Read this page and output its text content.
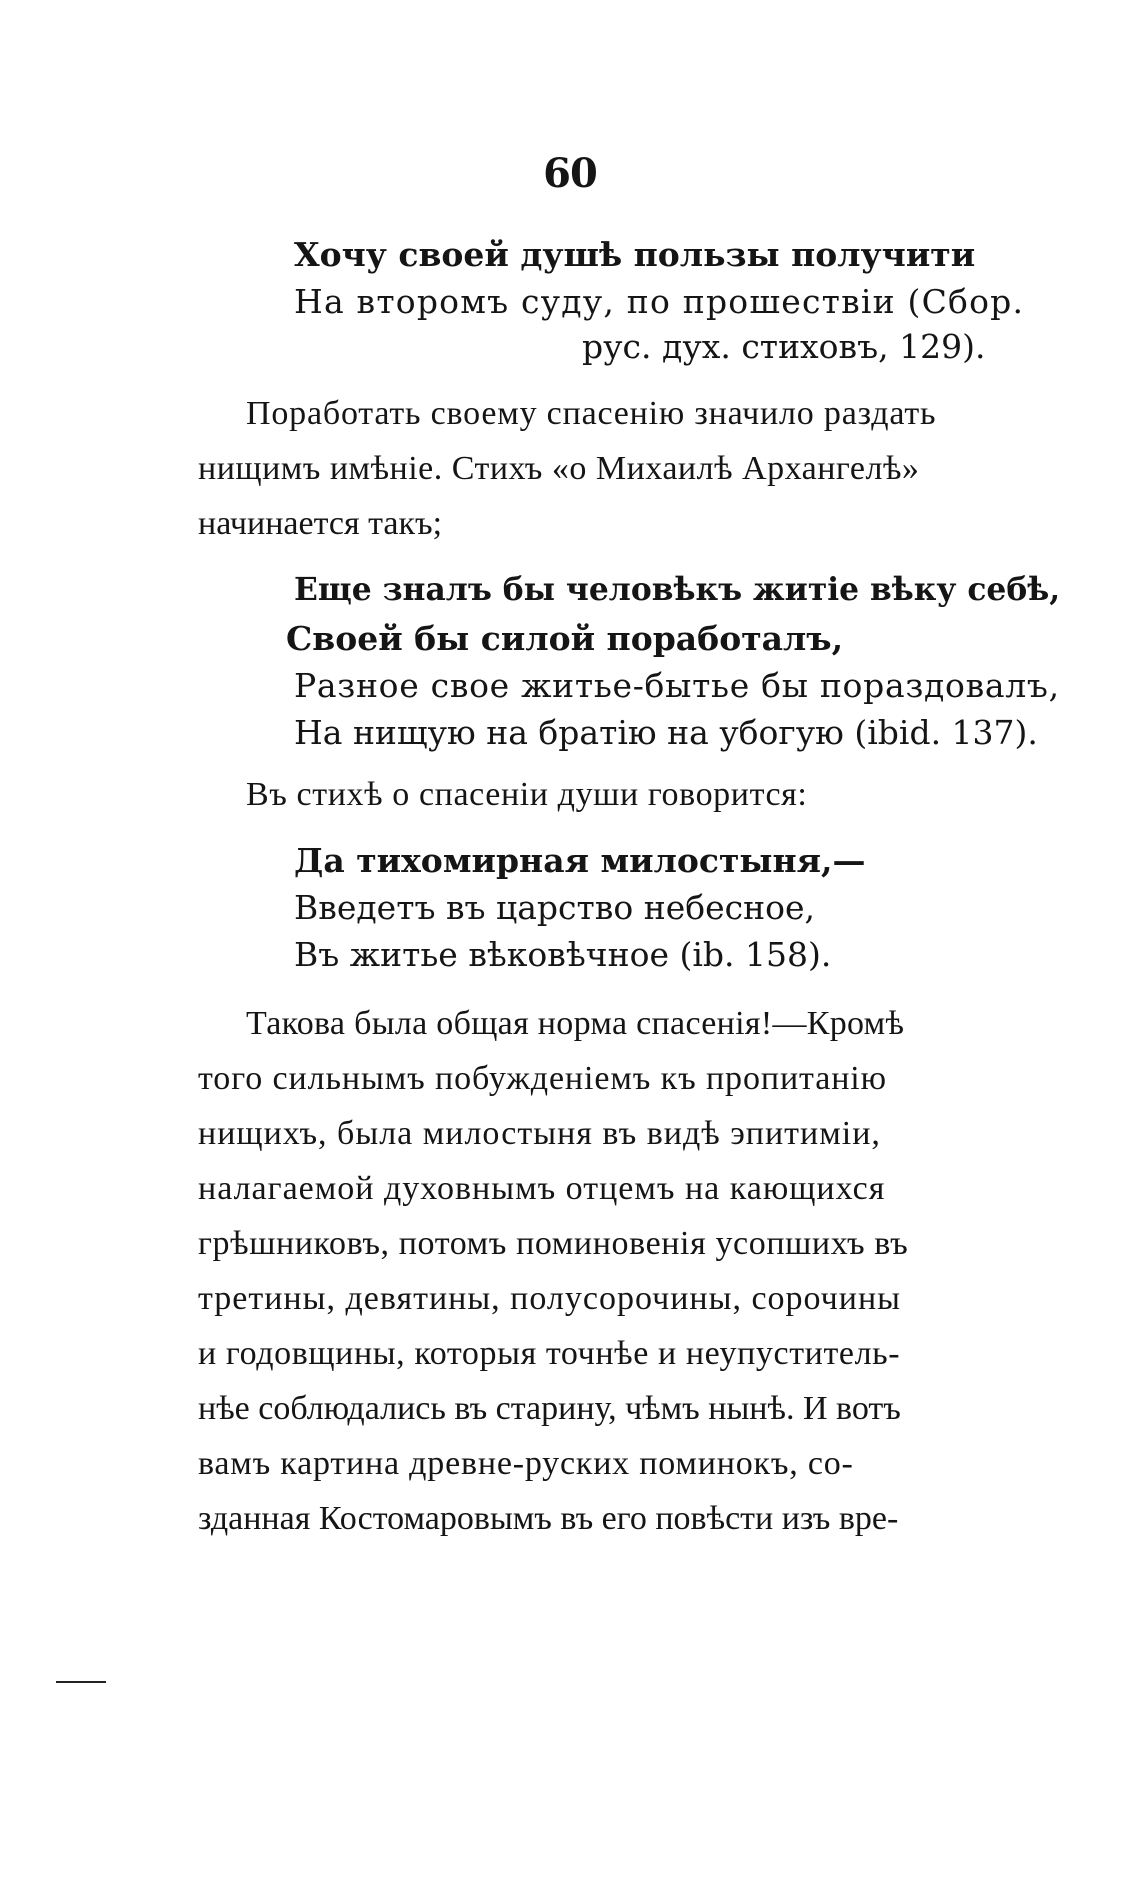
60
Хочу своей душѣ пользы получити
На второмъ суду, по прошествіи (Сбор.
рус. дух. стиховъ, 129).
Поработать своему спасенію значило раздать
нищимъ имѣніе. Стихъ «о Михаилѣ Архангелѣ»
начинается такъ;
Еще зналъ бы человѣкъ житіе вѣку себѣ,
Своей бы силой поработалъ,
Разное свое житье-бытье бы пораздовалъ,
На нищую на братію на убогую (ibid. 137).
Въ стихѣ о спасеніи души говорится:
Да тихомирная милостыня,—
Введетъ въ царство небесное,
Въ житье вѣковѣчное (ib. 158).
Такова была общая норма спасенія!—Кромѣ
того сильнымъ побужденіемъ къ пропитанію
нищихъ, была милостыня въ видѣ эпитиміи,
налагаемой духовнымъ отцемъ на кающихся
грѣшниковъ, потомъ поминовенія усопшихъ въ
третины, девятины, полусорочины, сорочины
и годовщины, которыя точнѣе и неупуститель-
нѣе соблюдались въ старину, чѣмъ нынѣ. И вотъ
вамъ картина древне-руских поминокъ, со-
зданная Костомаровымъ въ его повѣсти изъ вре-
